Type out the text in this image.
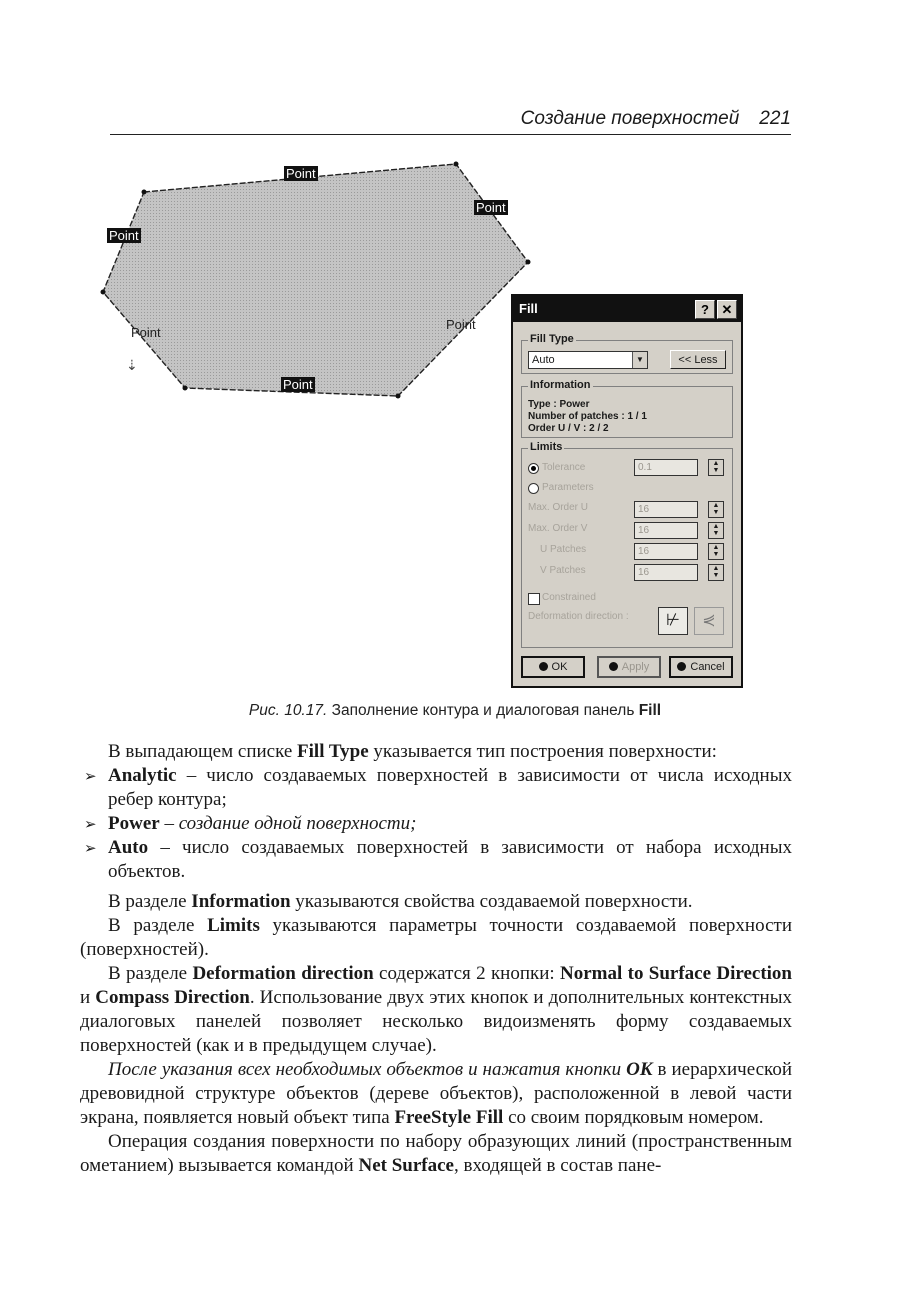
Создание поверхностей 221
⇣
Point
Point
Point
Point
Point
Point
Fill	? ✕
Fill Type
Auto	▼	<< Less
Information
Type : Power
Number of patches : 1 / 1
Order U / V : 2 / 2
Limits
Tolerance	0.1	▲
▼
Parameters
Max. Order U	16	▲
▼
Max. Order V	16	▲
▼
U Patches	16	▲
▼
V Patches	16	▲
▼
Constrained
Deformation direction :	⊬	⋞
OK	Apply	Cancel
Рис. 10.17. Заполнение контура и диалоговая панель Fill

В выпадающем списке Fill Type указывается тип построения поверхности:

➢ Analytic – число создаваемых поверхностей в зависимости от числа исходных ребер контура;

➢ Power – создание одной поверхности;

➢ Auto – число создаваемых поверхностей в зависимости от набора исходных объектов.

В разделе Information указываются свойства создаваемой поверхности.

В разделе Limits указываются параметры точности создаваемой поверхности (поверхностей).

В разделе Deformation direction содержатся 2 кнопки: Normal to Surface Direction и Compass Direction. Использование двух этих кнопок и дополнительных контекстных диалоговых панелей позволяет несколько видоизменять форму создаваемых поверхностей (как и в предыдущем случае).

После указания всех необходимых объектов и нажатия кнопки OK в иерархической древовидной структуре объектов (дереве объектов), расположенной в левой части экрана, появляется новый объект типа FreeStyle Fill со своим порядковым номером.

Операция создания поверхности по набору образующих линий (пространственным ометанием) вызывается командой Net Surface, входящей в состав пане-
